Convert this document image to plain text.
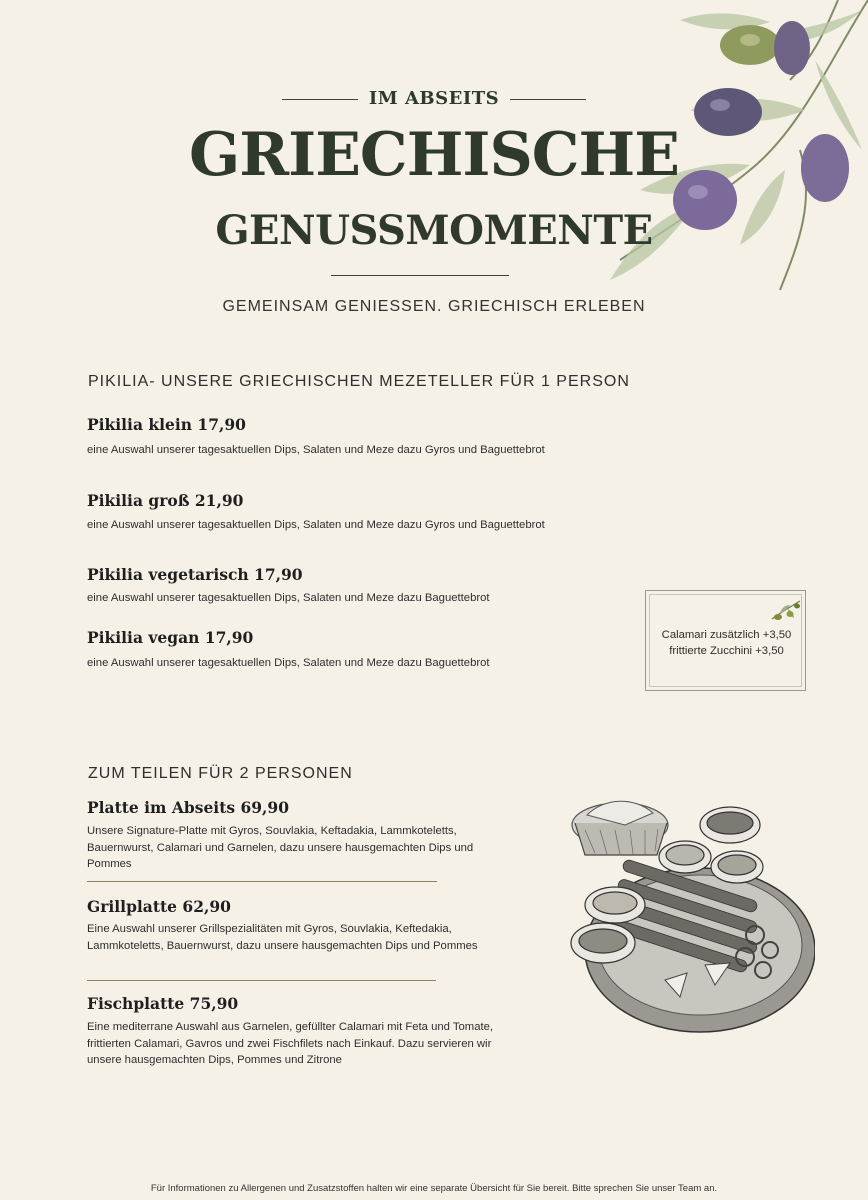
IM ABSEITS
GRIECHISCHE
GENUSSMOMENTE
GEMEINSAM GENIESSEN. GRIECHISCH ERLEBEN
PIKILIA- UNSERE GRIECHISCHEN MEZETELLER FÜR 1 PERSON
Pikilia klein 17,90
eine Auswahl unserer tagesaktuellen Dips, Salaten und Meze dazu Gyros und Baguettebrot
Pikilia groß 21,90
eine Auswahl unserer tagesaktuellen Dips, Salaten und Meze dazu Gyros und Baguettebrot
Pikilia vegetarisch 17,90
eine Auswahl unserer tagesaktuellen Dips, Salaten und Meze dazu Baguettebrot
Pikilia vegan 17,90
eine Auswahl unserer tagesaktuellen Dips, Salaten und Meze dazu Baguettebrot
Calamari zusätzlich +3,50
frittierte Zucchini +3,50
ZUM TEILEN FÜR 2 PERSONEN
Platte im Abseits 69,90
Unsere Signature-Platte mit Gyros, Souvlakia, Keftadakia, Lammkoteletts,
Bauernwurst, Calamari und Garnelen, dazu unsere hausgemachten Dips und
Pommes
Grillplatte 62,90
Eine Auswahl unserer Grillspezialitäten mit Gyros, Souvlakia, Keftedakia,
Lammkoteletts, Bauernwurst, dazu unsere hausgemachten Dips und Pommes
Fischplatte 75,90
Eine mediterrane Auswahl aus Garnelen, gefüllter Calamari mit Feta und Tomate,
frittierten Calamari, Gavros und zwei Fischfilets nach Einkauf. Dazu servieren wir
unsere hausgemachten Dips, Pommes und Zitrone
Für Informationen zu Allergenen und Zusatzstoffen halten wir eine separate Übersicht für Sie bereit. Bitte sprechen Sie unser Team an.
